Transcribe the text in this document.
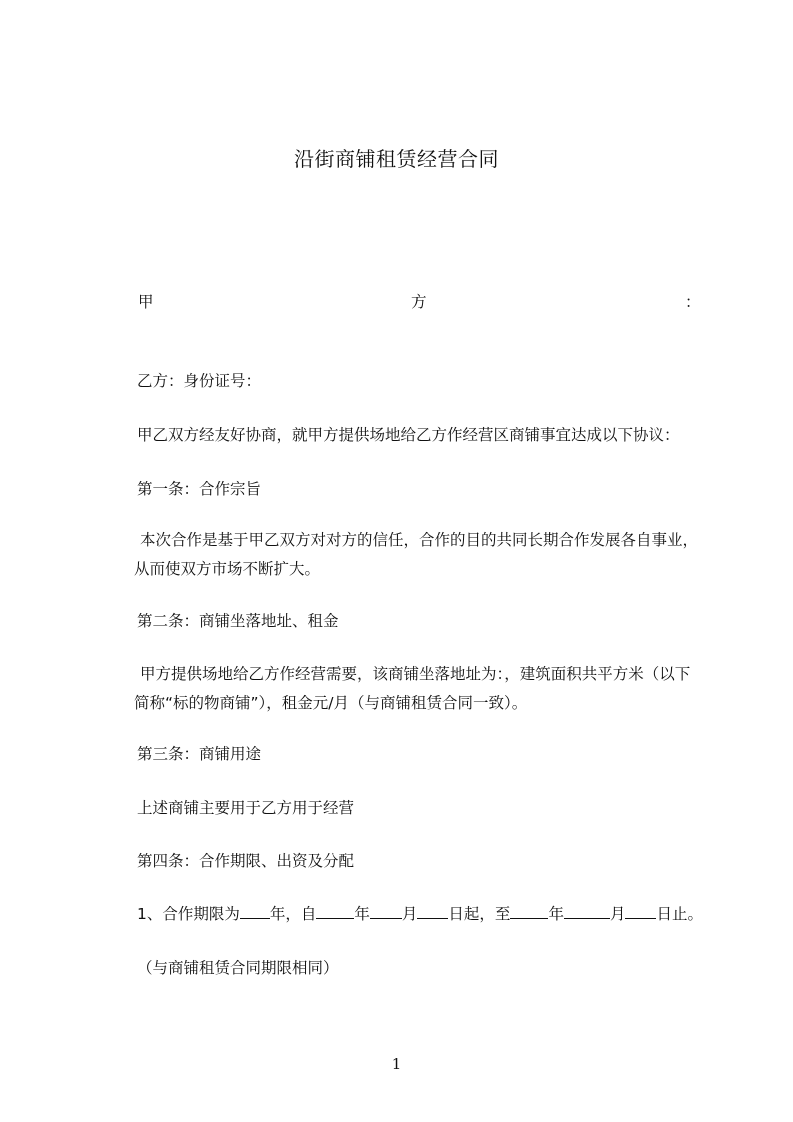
沿街商铺租赁经营合同
甲	方	：
乙方：身份证号：
甲乙双方经友好协商，就甲方提供场地给乙方作经营区商铺事宜达成以下协议：
第一条：合作宗旨
本次合作是基于甲乙双方对对方的信任，合作的目的共同长期合作发展各自事业，
从而使双方市场不断扩大。
第二条：商铺坐落地址、租金
甲方提供场地给乙方作经营需要，该商铺坐落地址为：，建筑面积共平方米（以下
简称“标的物商铺”），租金元/月（与商铺租赁合同一致）。
第三条：商铺用途
上述商铺主要用于乙方用于经营
第四条：合作期限、出资及分配
1、合作期限为 年，自 年 月 日起，至 年	月 日止。
（与商铺租赁合同期限相同）
1
